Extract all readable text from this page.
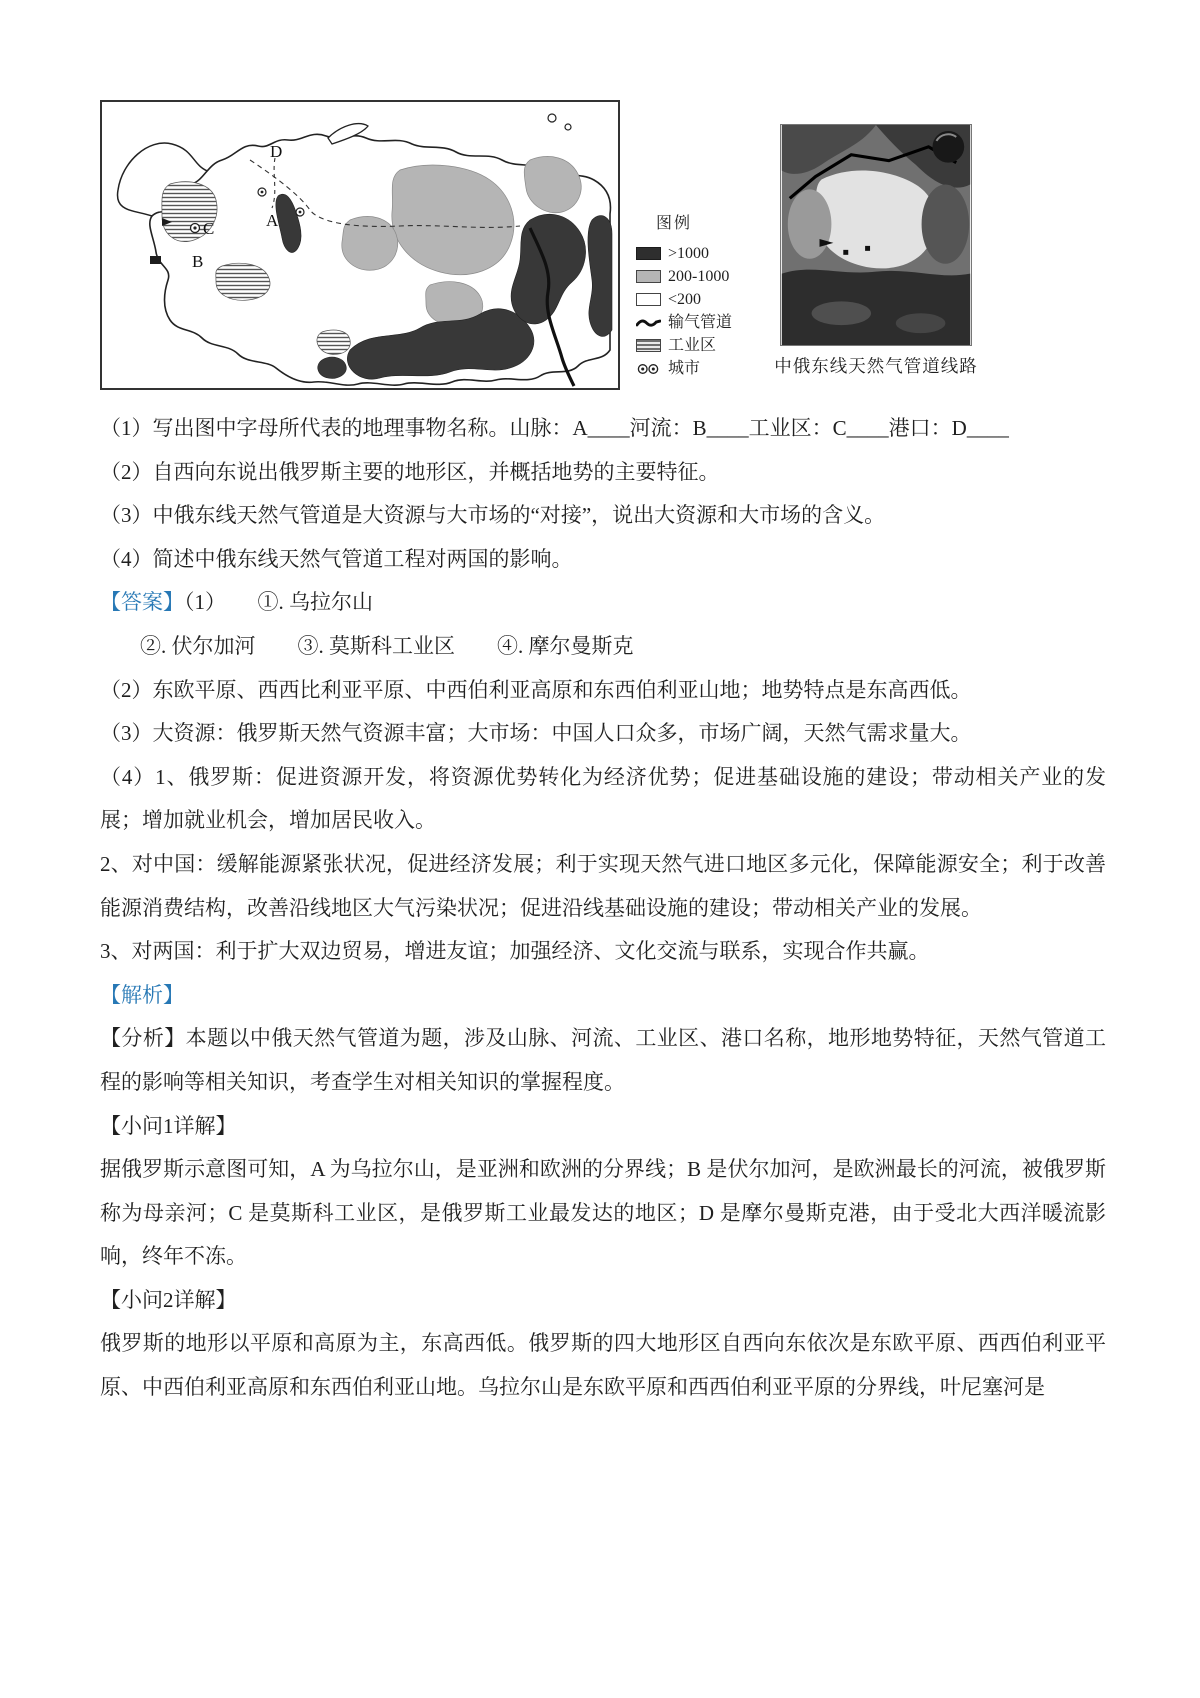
D
C	A
B
图例
>1000
200-1000
<200
输气管道
工业区
城市	中俄东线天然气管道线路

（1）写出图中字母所代表的地理事物名称。山脉：A____河流：B____工业区：C____港口：D____

（2）自西向东说出俄罗斯主要的地形区，并概括地势的主要特征。

（3）中俄东线天然气管道是大资源与大市场的“对接”，说出大资源和大市场的含义。

（4）简述中俄东线天然气管道工程对两国的影响。

【答案】（1）　　①. 乌拉尔山

②. 伏尔加河　　③. 莫斯科工业区　　④. 摩尔曼斯克

（2）东欧平原、西西比利亚平原、中西伯利亚高原和东西伯利亚山地；地势特点是东高西低。

（3）大资源：俄罗斯天然气资源丰富；大市场：中国人口众多，市场广阔，天然气需求量大。

（4）1、俄罗斯：促进资源开发，将资源优势转化为经济优势；促进基础设施的建设；带动相关产业的发展；增加就业机会，增加居民收入。

2、对中国：缓解能源紧张状况，促进经济发展；利于实现天然气进口地区多元化，保障能源安全；利于改善能源消费结构，改善沿线地区大气污染状况；促进沿线基础设施的建设；带动相关产业的发展。

3、对两国：利于扩大双边贸易，增进友谊；加强经济、文化交流与联系，实现合作共赢。

【解析】

【分析】本题以中俄天然气管道为题，涉及山脉、河流、工业区、港口名称，地形地势特征，天然气管道工程的影响等相关知识，考查学生对相关知识的掌握程度。

【小问1详解】

据俄罗斯示意图可知，A 为乌拉尔山，是亚洲和欧洲的分界线；B 是伏尔加河，是欧洲最长的河流，被俄罗斯称为母亲河；C 是莫斯科工业区，是俄罗斯工业最发达的地区；D 是摩尔曼斯克港，由于受北大西洋暖流影响，终年不冻。

【小问2详解】

俄罗斯的地形以平原和高原为主，东高西低。俄罗斯的四大地形区自西向东依次是东欧平原、西西伯利亚平原、中西伯利亚高原和东西伯利亚山地。乌拉尔山是东欧平原和西西伯利亚平原的分界线，叶尼塞河是
